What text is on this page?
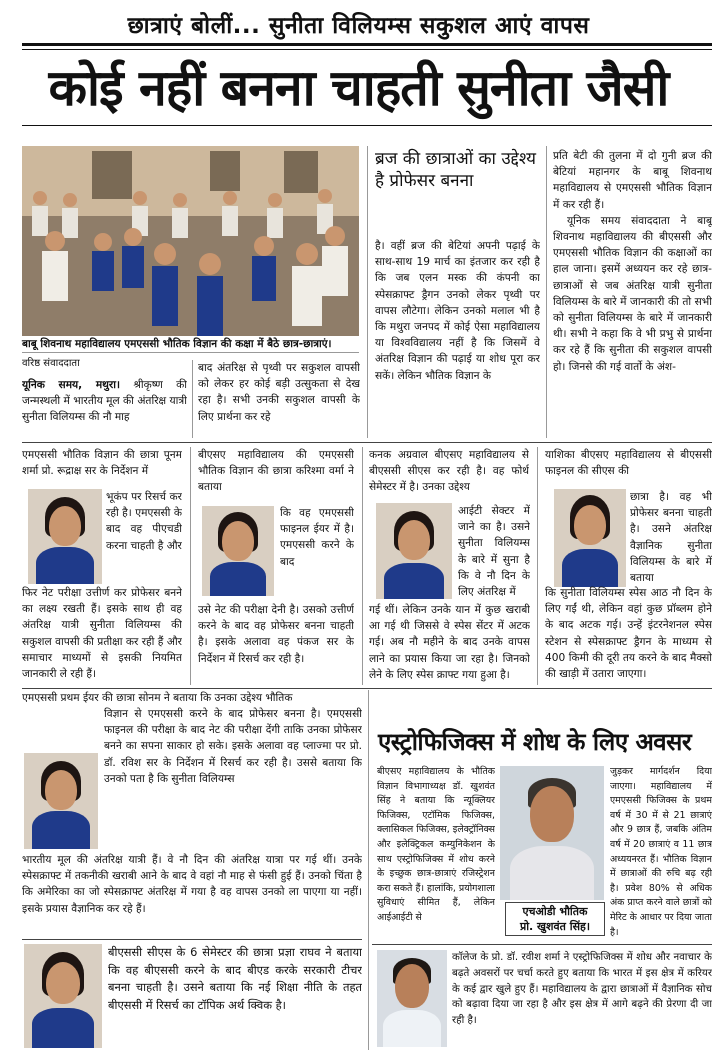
छात्राएं बोलीं... सुनीता विलियम्स सकुशल आएं वापस
कोई नहीं बनना चाहती सुनीता जैसी
बाबू शिवनाथ महाविद्यालय एमएससी भौतिक विज्ञान की कक्षा में बैठे छात्र-छात्राएं।
वरिष्ठ संवाददाता
यूनिक समय, मथुरा। श्रीकृष्ण की जन्मस्थली में भारतीय मूल की अंतरिक्ष यात्री सुनीता विलियम्स की नौ माह
बाद अंतरिक्ष से पृथ्वी पर सकुशल वापसी को लेकर हर कोई बड़ी उत्सुकता से देख रहा है। सभी उनकी सकुशल वापसी के लिए प्रार्थना कर रहे
ब्रज की छात्राओं का उद्देश्य है प्रोफेसर बनना
है। वहीं ब्रज की बेटियां अपनी पढ़ाई के साथ-साथ 19 मार्च का इंतजार कर रही है कि जब एलन मस्क की कंपनी का स्पेसक्राफ्ट ड्रैगन उनको लेकर पृथ्वी पर वापस लौटेगा। लेकिन उनको मलाल भी है कि मथुरा जनपद में कोई ऐसा महाविद्यालय या विश्वविद्यालय नहीं है कि जिसमें वे अंतरिक्ष विज्ञान की पढ़ाई या शोध पूरा कर सकें। लेकिन भौतिक विज्ञान के

प्रति बेटी की तुलना में दो गुनी ब्रज की बेटियां महानगर के बाबू शिवनाथ महाविद्यालय से एमएससी भौतिक विज्ञान में कर रही हैं।

यूनिक समय संवाददाता ने बाबू शिवनाथ महाविद्यालय की बीएससी और एमएससी भौतिक विज्ञान की कक्षाओं का हाल जाना। इसमें अध्ययन कर रहे छात्र-छात्राओं से जब अंतरिक्ष यात्री सुनीता विलियम्स के बारे में जानकारी की तो सभी को सुनीता विलियम्स के बारे में जानकारी थी। सभी ने कहा कि वे भी प्रभु से प्रार्थना कर रहे हैं कि सुनीता की सकुशल वापसी हो। जिनसे की गई वार्तो के अंश-

एमएससी भौतिक विज्ञान की छात्रा पूनम शर्मा प्रो. रूद्राक्ष सर के निर्देशन में
भूकंप पर रिसर्च कर रही है। एमएससी के बाद वह पीएचडी करना चाहती है और
फिर नेट परीक्षा उत्तीर्ण कर प्रोफेसर बनने का लक्ष्य रखती हैं। इसके साथ ही वह अंतरिक्ष यात्री सुनीता विलियम्स की सकुशल वापसी की प्रतीक्षा कर रही हैं और समाचार माध्यमों से इसकी नियमित जानकारी ले रही हैं।
बीएसए महाविद्यालय की एमएससी भौतिक विज्ञान की छात्रा करिश्मा वर्मा ने बताया
कि वह एमएससी फाइनल ईयर में है। एमएससी करने के बाद
उसे नेट की परीक्षा देनी है। उसको उत्तीर्ण करने के बाद वह प्रोफेसर बनना चाहती है। इसके अलावा वह पंकज सर के निर्देशन में रिसर्च कर रही है।
कनक अग्रवाल बीएसए महाविद्यालय से बीएससी सीएस कर रही है। वह फोर्थ सेमेस्टर में है। उनका उद्देश्य
आईटी सेक्टर में जाने का है। उसने सुनीता विलियम्स के बारे में सुना है कि वे नौ दिन के लिए अंतरिक्ष में
गई थीं। लेकिन उनके यान में कुछ खराबी आ गई थी जिससे वे स्पेस सेंटर में अटक गई। अब नौ महीने के बाद उनके वापस लाने का प्रयास किया जा रहा है। जिनको लेने के लिए स्पेस क्राफ्ट गया हुआ है।
याशिका बीएसए महाविद्यालय से बीएससी फाइनल की सीएस की
छात्रा है। वह भी प्रोफेसर बनना चाहती है। उसने अंतरिक्ष वैज्ञानिक सुनीता विलियम्स के बारे में बताया
कि सुनीता विलियम्स स्पेस आठ नौ दिन के लिए गईं थी, लेकिन वहां कुछ प्रॉब्लम होने के बाद अटक गई। उन्हें इंटरनेशनल स्पेस स्टेशन से स्पेसक्राफ्ट ड्रैगन के माध्यम से 400 किमी की दूरी तय करने के बाद मैक्सो की खाड़ी में उतारा जाएगा।
एमएससी प्रथम ईयर की छात्रा सोनम ने बताया कि उनका उद्देश्य भौतिक
विज्ञान से एमएससी करने के बाद प्रोफेसर बनना है। एमएससी फाइनल की परीक्षा के बाद नेट की परीक्षा देंगी ताकि उनका प्रोफेसर बनने का सपना साकार हो सके। इसके अलावा वह प्लाज्मा पर प्रो. डॉ. रविश सर के निर्देशन में रिसर्च कर रही है। उससे बताया कि उनको पता है कि सुनीता विलियम्स
भारतीय मूल की अंतरिक्ष यात्री हैं। वे नौ दिन की अंतरिक्ष यात्रा पर गई थीं। उनके स्पेसक्राफ्ट में तकनीकी खराबी आने के बाद वे वहां नौ माह से फंसी हुई हैं। उनको चिंता है कि अमेरिका का जो स्पेसक्राफ्ट अंतरिक्ष में गया है वह वापस उनको ला पाएगा या नहीं। इसके प्रयास वैज्ञानिक कर रहे हैं।
बीएससी सीएस के 6 सेमेस्टर की छात्रा प्रज्ञा राघव ने बताया कि वह बीएससी करने के बाद बीएड करके सरकारी टीचर बनना चाहती है। उसने बताया कि नई शिक्षा नीति के तहत बीएससी में रिसर्च का टॉपिक अर्थ क्विक है।
एस्ट्रोफिजिक्स में शोध के लिए अवसर
बीएसए महाविद्यालय के भौतिक विज्ञान विभागाध्यक्ष डॉ. खुशवंत सिंह ने बताया कि न्यूक्लियर फिजिक्स, एटॉमिक फिजिक्स, क्लासिकल फिजिक्स, इलेक्ट्रॉनिक्स और इलेक्ट्रिकल कम्युनिकेशन के साथ एस्ट्रोफिजिक्स में शोध करने के इच्छुक छात्र-छात्राएं रजिस्ट्रेशन करा सकते हैं। हालांकि, प्रयोगशाला सुविधाएं सीमित हैं, लेकिन आईआईटी से	एचओडी भौतिक
प्रो. खुशवंत सिंह।
जुड़कर मार्गदर्शन दिया जाएगा। महाविद्यालय में एमएससी फिजिक्स के प्रथम वर्ष में 30 में से 21 छात्राएं और 9 छात्र हैं, जबकि अंतिम वर्ष में 20 छात्राएं व 11 छात्र अध्ययनरत हैं। भौतिक विज्ञान में छात्राओं की रुचि बढ़ रही है। प्रवेश 80% से अधिक अंक प्राप्त करने वाले छात्रों को मेरिट के आधार पर दिया जाता है।
कॉलेज के प्रो. डॉ. रवीश शर्मा ने एस्ट्रोफिजिक्स में शोध और नवाचार के बढ़ते अवसरों पर चर्चा करते हुए बताया कि भारत में इस क्षेत्र में करियर के कई द्वार खुले हुए हैं। महाविद्यालय के द्वारा छात्राओं में वैज्ञानिक सोच को बढ़ावा दिया जा रहा है और इस क्षेत्र में आगे बढ़ने की प्रेरणा दी जा रही है।
